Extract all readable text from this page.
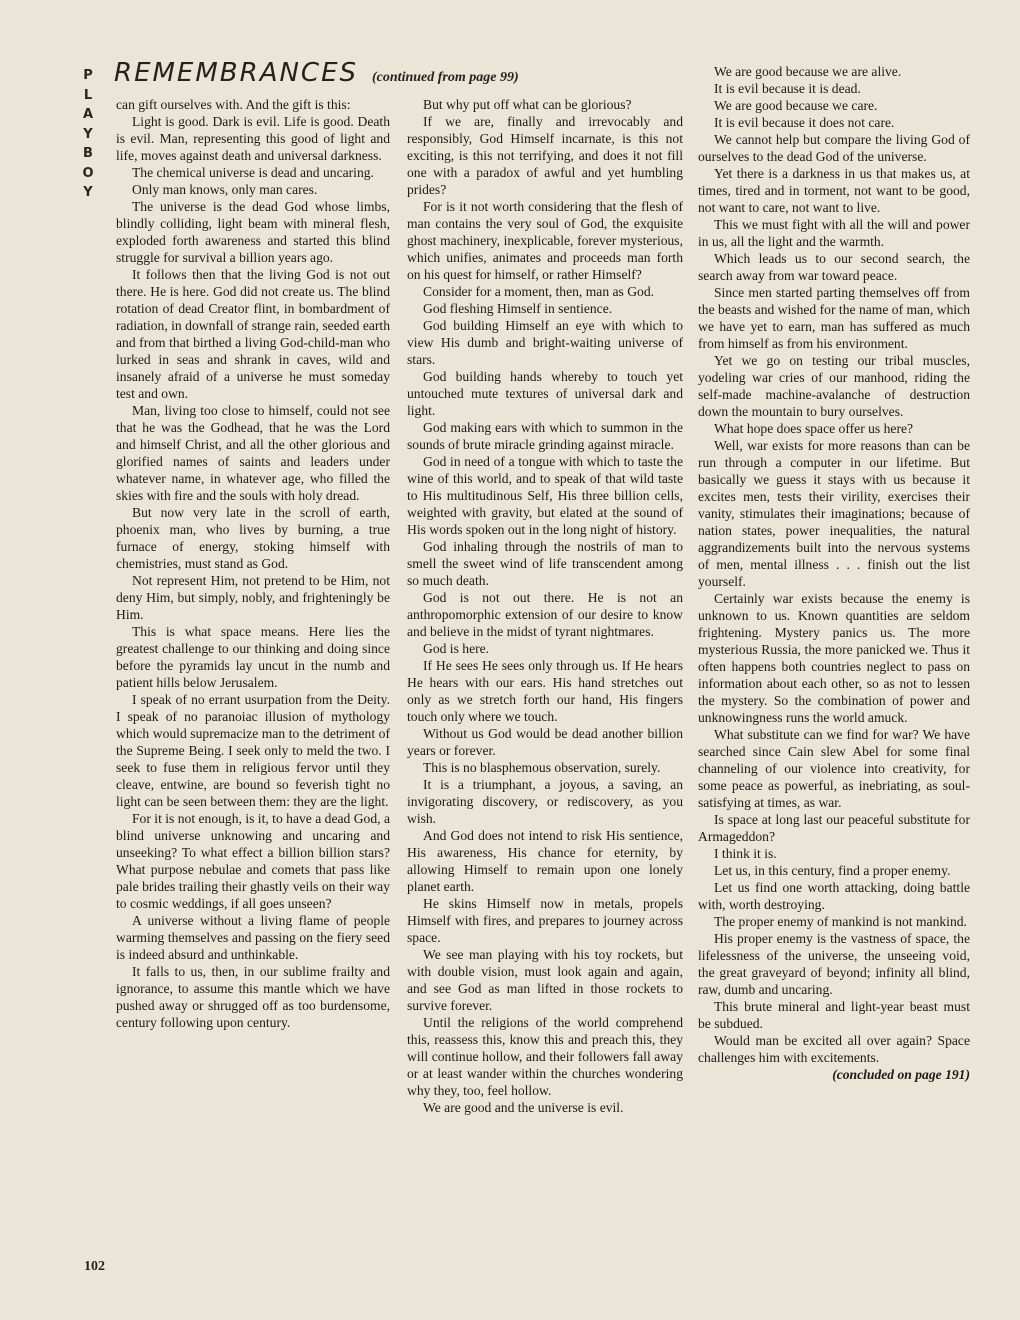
P
L
A
Y
B
O
Y
REMEMBRANCES (continued from page 99)

can gift ourselves with. And the gift is this:

Light is good. Dark is evil. Life is good. Death is evil. Man, representing this good of light and life, moves against death and universal darkness.

The chemical universe is dead and uncaring.

Only man knows, only man cares.

The universe is the dead God whose limbs, blindly colliding, light beam with mineral flesh, exploded forth awareness and started this blind struggle for survival a billion years ago.

It follows then that the living God is not out there. He is here. God did not create us. The blind rotation of dead Creator flint, in bombardment of radiation, in downfall of strange rain, seeded earth and from that birthed a living God-child-man who lurked in seas and shrank in caves, wild and insanely afraid of a universe he must someday test and own.

Man, living too close to himself, could not see that he was the Godhead, that he was the Lord and himself Christ, and all the other glorious and glorified names of saints and leaders under whatever name, in whatever age, who filled the skies with fire and the souls with holy dread.

But now very late in the scroll of earth, phoenix man, who lives by burning, a true furnace of energy, stoking himself with chemistries, must stand as God.

Not represent Him, not pretend to be Him, not deny Him, but simply, nobly, and frighteningly be Him.

This is what space means. Here lies the greatest challenge to our thinking and doing since before the pyramids lay uncut in the numb and patient hills below Jerusalem.

I speak of no errant usurpation from the Deity. I speak of no paranoiac illusion of mythology which would supremacize man to the detriment of the Supreme Being. I seek only to meld the two. I seek to fuse them in religious fervor until they cleave, entwine, are bound so feverish tight no light can be seen between them: they are the light.

For it is not enough, is it, to have a dead God, a blind universe unknowing and uncaring and unseeking? To what effect a billion billion stars? What purpose nebulae and comets that pass like pale brides trailing their ghastly veils on their way to cosmic weddings, if all goes unseen?

A universe without a living flame of people warming themselves and passing on the fiery seed is indeed absurd and unthinkable.

It falls to us, then, in our sublime frailty and ignorance, to assume this mantle which we have pushed away or shrugged off as too burdensome, century following upon century.

But why put off what can be glorious?

If we are, finally and irrevocably and responsibly, God Himself incarnate, is this not exciting, is this not terrifying, and does it not fill one with a paradox of awful and yet humbling prides?

For is it not worth considering that the flesh of man contains the very soul of God, the exquisite ghost machinery, inexplicable, forever mysterious, which unifies, animates and proceeds man forth on his quest for himself, or rather Himself?

Consider for a moment, then, man as God.

God fleshing Himself in sentience.

God building Himself an eye with which to view His dumb and bright-waiting universe of stars.

God building hands whereby to touch yet untouched mute textures of universal dark and light.

God making ears with which to summon in the sounds of brute miracle grinding against miracle.

God in need of a tongue with which to taste the wine of this world, and to speak of that wild taste to His multitudinous Self, His three billion cells, weighted with gravity, but elated at the sound of His words spoken out in the long night of history.

God inhaling through the nostrils of man to smell the sweet wind of life transcendent among so much death.

God is not out there. He is not an anthropomorphic extension of our desire to know and believe in the midst of tyrant nightmares.

God is here.

If He sees He sees only through us. If He hears He hears with our ears. His hand stretches out only as we stretch forth our hand, His fingers touch only where we touch.

Without us God would be dead another billion years or forever.

This is no blasphemous observation, surely.

It is a triumphant, a joyous, a saving, an invigorating discovery, or rediscovery, as you wish.

And God does not intend to risk His sentience, His awareness, His chance for eternity, by allowing Himself to remain upon one lonely planet earth.

He skins Himself now in metals, propels Himself with fires, and prepares to journey across space.

We see man playing with his toy rockets, but with double vision, must look again and again, and see God as man lifted in those rockets to survive forever.

Until the religions of the world comprehend this, reassess this, know this and preach this, they will continue hollow, and their followers fall away or at least wander within the churches wondering why they, too, feel hollow.

We are good and the universe is evil.

We are good because we are alive.

It is evil because it is dead.

We are good because we care.

It is evil because it does not care.

We cannot help but compare the living God of ourselves to the dead God of the universe.

Yet there is a darkness in us that makes us, at times, tired and in torment, not want to be good, not want to care, not want to live.

This we must fight with all the will and power in us, all the light and the warmth.

Which leads us to our second search, the search away from war toward peace.

Since men started parting themselves off from the beasts and wished for the name of man, which we have yet to earn, man has suffered as much from himself as from his environment.

Yet we go on testing our tribal muscles, yodeling war cries of our manhood, riding the self-made machine-avalanche of destruction down the mountain to bury ourselves.

What hope does space offer us here?

Well, war exists for more reasons than can be run through a computer in our lifetime. But basically we guess it stays with us because it excites men, tests their virility, exercises their vanity, stimulates their imaginations; because of nation states, power inequalities, the natural aggrandizements built into the nervous systems of men, mental illness . . . finish out the list yourself.

Certainly war exists because the enemy is unknown to us. Known quantities are seldom frightening. Mystery panics us. The more mysterious Russia, the more panicked we. Thus it often happens both countries neglect to pass on information about each other, so as not to lessen the mystery. So the combination of power and unknowingness runs the world amuck.

What substitute can we find for war? We have searched since Cain slew Abel for some final channeling of our violence into creativity, for some peace as powerful, as inebriating, as soul-satisfying at times, as war.

Is space at long last our peaceful substitute for Armageddon?

I think it is.

Let us, in this century, find a proper enemy.

Let us find one worth attacking, doing battle with, worth destroying.

The proper enemy of mankind is not mankind.

His proper enemy is the vastness of space, the lifelessness of the universe, the unseeing void, the great graveyard of beyond; infinity all blind, raw, dumb and uncaring.

This brute mineral and light-year beast must be subdued.

Would man be excited all over again? Space challenges him with excitements.

(concluded on page 191)

102
